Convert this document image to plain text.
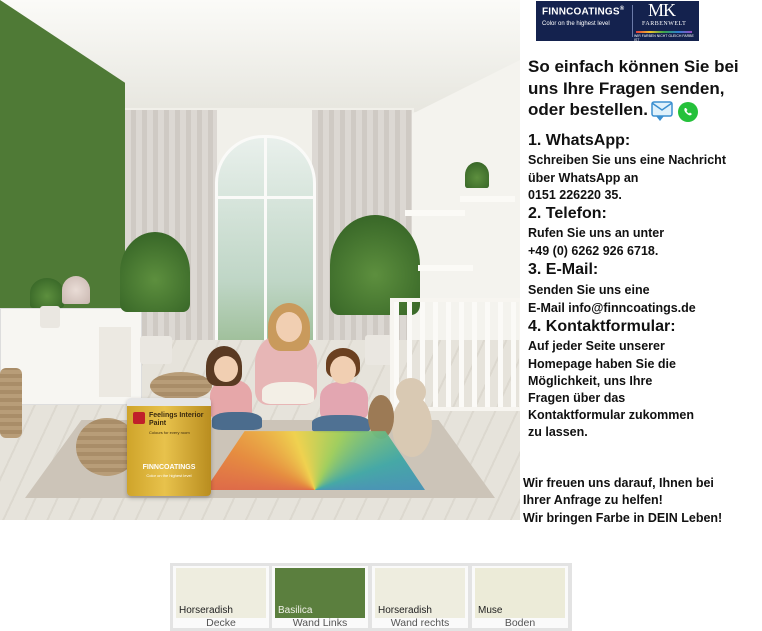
Feelings Interior Paint
Colours for every room
FINNCOATINGS
Color on the highest level
FINNCOATINGS®
Color on the highest level
MK
FARBENWELT
WIR FARBEN NICHT GLEICH FARBE IST
So einfach können Sie bei
uns Ihre Fragen senden,
oder bestellen.
1. WhatsApp:
Schreiben Sie uns eine Nachricht
über WhatsApp an
0151 226220 35.
2. Telefon:
Rufen Sie uns an unter
+49 (0) 6262 926 6718.
3. E-Mail:
Senden Sie uns eine
E-Mail info@finncoatings.de
4. Kontaktformular:
Auf jeder Seite unserer
Homepage haben Sie die
Möglichkeit, uns Ihre
Fragen über das
Kontaktformular zukommen
zu lassen.
Wir freuen uns darauf, Ihnen bei
Ihrer Anfrage zu helfen!
Wir bringen Farbe in DEIN Leben!
Horseradish
Decke
Basilica
Wand Links
Horseradish
Wand rechts
Muse
Boden
